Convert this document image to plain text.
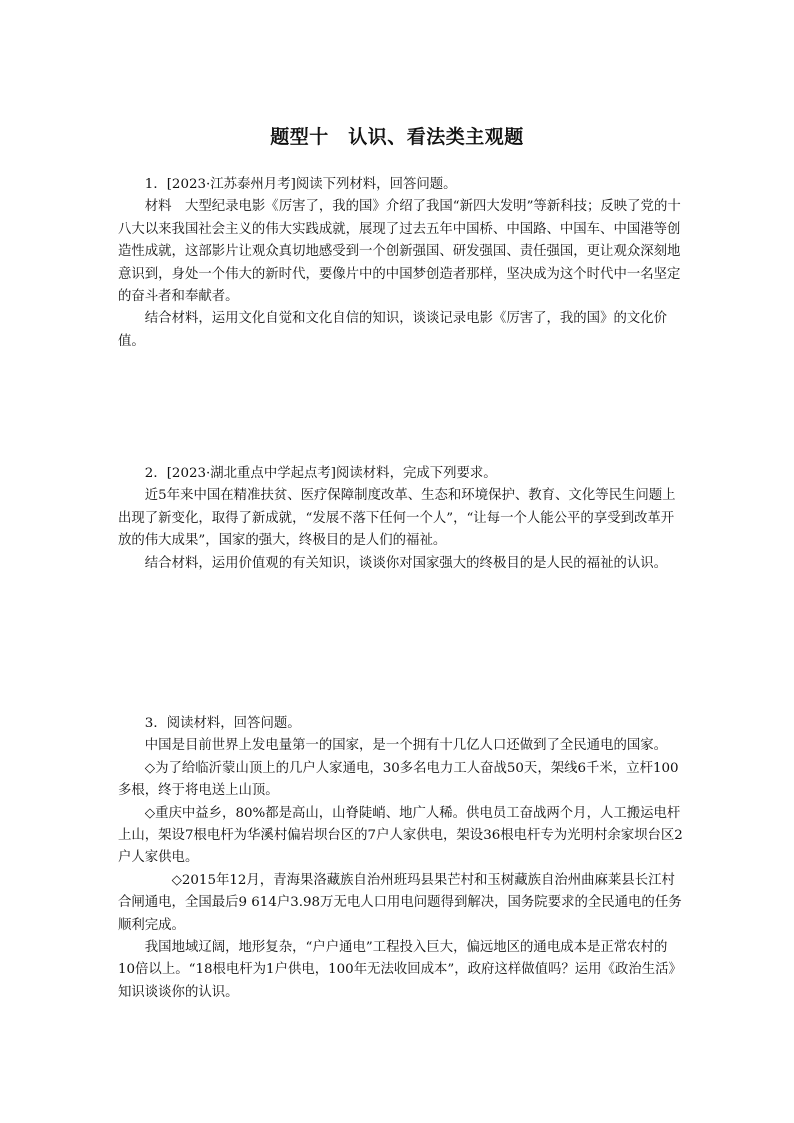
题型十　认识、看法类主观题

1．[2023·江苏泰州月考]阅读下列材料，回答问题。

材料　大型纪录电影《厉害了，我的国》介绍了我国“新四大发明”等新科技；反映了党的十八大以来我国社会主义的伟大实践成就，展现了过去五年中国桥、中国路、中国车、中国港等创造性成就，这部影片让观众真切地感受到一个创新强国、研发强国、责任强国，更让观众深刻地意识到，身处一个伟大的新时代，要像片中的中国梦创造者那样，坚决成为这个时代中一名坚定的奋斗者和奉献者。

结合材料，运用文化自觉和文化自信的知识，谈谈记录电影《厉害了，我的国》的文化价值。

2．[2023·湖北重点中学起点考]阅读材料，完成下列要求。

近5年来中国在精准扶贫、医疗保障制度改革、生态和环境保护、教育、文化等民生问题上出现了新变化，取得了新成就，“发展不落下任何一个人”，“让每一个人能公平的享受到改革开放的伟大成果”，国家的强大，终极目的是人们的福祉。

结合材料，运用价值观的有关知识，谈谈你对国家强大的终极目的是人民的福祉的认识。

3．阅读材料，回答问题。

中国是目前世界上发电量第一的国家，是一个拥有十几亿人口还做到了全民通电的国家。

◇为了给临沂蒙山顶上的几户人家通电，30多名电力工人奋战50天，架线6千米，立杆100多根，终于将电送上山顶。

◇重庆中益乡，80%都是高山，山脊陡峭、地广人稀。供电员工奋战两个月，人工搬运电杆上山，架设7根电杆为华溪村偏岩坝台区的7户人家供电，架设36根电杆专为光明村余家坝台区2户人家供电。

◇2015年12月，青海果洛藏族自治州班玛县果芒村和玉树藏族自治州曲麻莱县长江村合闸通电，全国最后9 614户3.98万无电人口用电问题得到解决，国务院要求的全民通电的任务顺利完成。

我国地域辽阔，地形复杂，“户户通电”工程投入巨大，偏远地区的通电成本是正常农村的10倍以上。“18根电杆为1户供电，100年无法收回成本”，政府这样做值吗？运用《政治生活》知识谈谈你的认识。
